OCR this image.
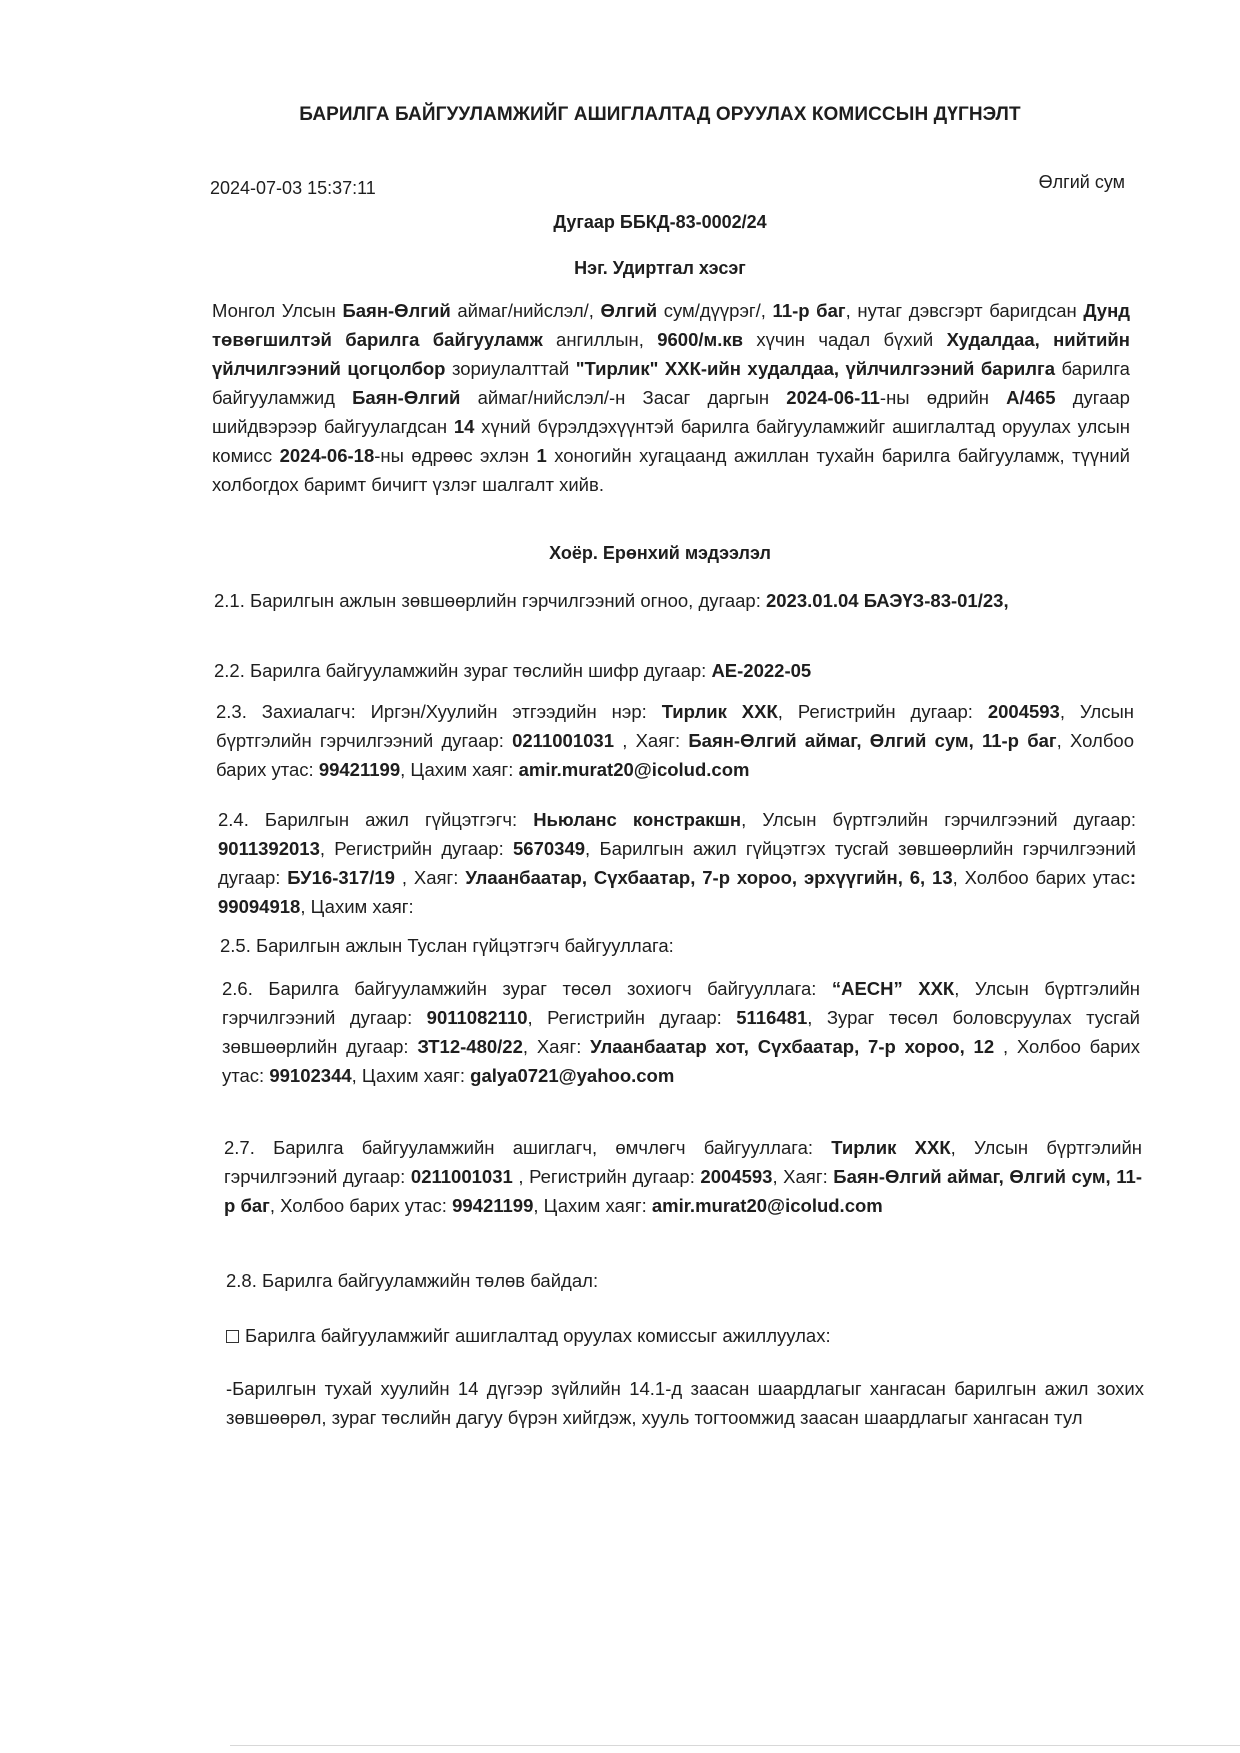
БАРИЛГА БАЙГУУЛАМЖИЙГ АШИГЛАЛТАД ОРУУЛАХ КОМИССЫН ДҮГНЭЛТ
2024-07-03 15:37:11	Өлгий сум
Дугаар ББКД-83-0002/24
Нэг. Удиртгал хэсэг
Монгол Улсын Баян-Өлгий аймаг/нийслэл/, Өлгий сум/дүүрэг/, 11-р баг, нутаг дэвсгэрт баригдсан Дунд төвөгшилтэй барилга байгууламж ангиллын, 9600/м.кв хүчин чадал бүхий Худалдаа, нийтийн үйлчилгээний цогцолбор зориулалттай "Тирлик" ХХК-ийн худалдаа, үйлчилгээний барилга барилга байгууламжид Баян-Өлгий аймаг/нийслэл/-н Засаг даргын 2024-06-11-ны өдрийн А/465 дугаар шийдвэрээр байгуулагдсан 14 хүний бүрэлдэхүүнтэй барилга байгууламжийг ашиглалтад оруулах улсын комисс 2024-06-18-ны өдрөөс эхлэн 1 хоногийн хугацаанд ажиллан тухайн барилга байгууламж, түүний холбогдох баримт бичигт үзлэг шалгалт хийв.
Хоёр. Ерөнхий мэдээлэл
2.1. Барилгын ажлын зөвшөөрлийн гэрчилгээний огноо, дугаар: 2023.01.04 БАЭҮЗ-83-01/23,
2.2. Барилга байгууламжийн зураг төслийн шифр дугаар: АЕ-2022-05
2.3. Захиалагч: Иргэн/Хуулийн этгээдийн нэр: Тирлик ХХК, Регистрийн дугаар: 2004593, Улсын бүртгэлийн гэрчилгээний дугаар: 0211001031 , Хаяг: Баян-Өлгий аймаг, Өлгий сум, 11-р баг, Холбоо барих утас: 99421199, Цахим хаяг: amir.murat20@icolud.com
2.4. Барилгын ажил гүйцэтгэгч: Ньюланс констракшн, Улсын бүртгэлийн гэрчилгээний дугаар: 9011392013, Регистрийн дугаар: 5670349, Барилгын ажил гүйцэтгэх тусгай зөвшөөрлийн гэрчилгээний дугаар: БУ16-317/19 , Хаяг: Улаанбаатар, Сүхбаатар, 7-р хороо, эрхүүгийн, 6, 13, Холбоо барих утас: 99094918, Цахим хаяг:
2.5. Барилгын ажлын Туслан гүйцэтгэгч байгууллага:
2.6. Барилга байгууламжийн зураг төсөл зохиогч байгууллага: “АЕСН” ХХК, Улсын бүртгэлийн гэрчилгээний дугаар: 9011082110, Регистрийн дугаар: 5116481, Зураг төсөл боловсруулах тусгай зөвшөөрлийн дугаар: ЗТ12-480/22, Хаяг: Улаанбаатар хот, Сүхбаатар, 7-р хороо, 12 , Холбоо барих утас: 99102344, Цахим хаяг: galya0721@yahoo.com
2.7. Барилга байгууламжийн ашиглагч, өмчлөгч байгууллага: Тирлик ХХК, Улсын бүртгэлийн гэрчилгээний дугаар: 0211001031 , Регистрийн дугаар: 2004593, Хаяг: Баян-Өлгий аймаг, Өлгий сум, 11-р баг, Холбоо барих утас: 99421199, Цахим хаяг: amir.murat20@icolud.com
2.8. Барилга байгууламжийн төлөв байдал:
Барилга байгууламжийг ашиглалтад оруулах комиссыг ажиллуулах:
-Барилгын тухай хуулийн 14 дүгээр зүйлийн 14.1-д заасан шаардлагыг хангасан барилгын ажил зохих зөвшөөрөл, зураг төслийн дагуу бүрэн хийгдэж, хууль тогтоомжид заасан шаардлагыг хангасан тул
